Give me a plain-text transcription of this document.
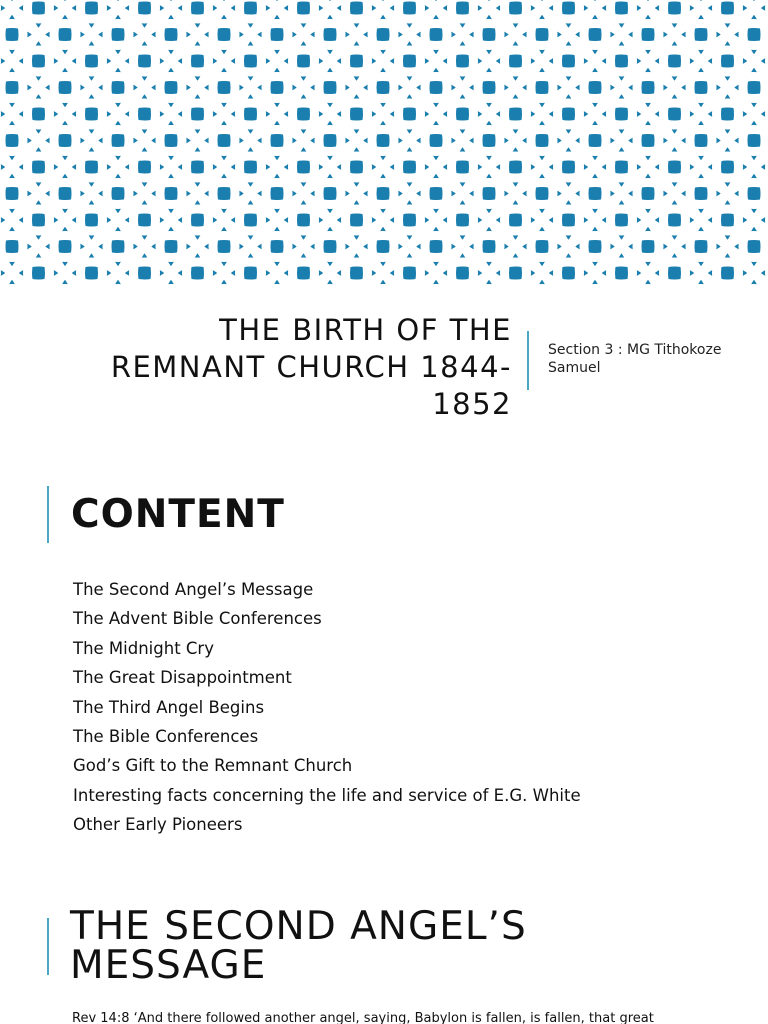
THE BIRTH OF THE
REMNANT CHURCH 1844-
1852
Section 3 : MG Tithokoze
Samuel
CONTENT
The Second Angel’s Message
The Advent Bible Conferences
The Midnight Cry
The Great Disappointment
The Third Angel Begins
The Bible Conferences
God’s Gift to the Remnant Church
Interesting facts concerning the life and service of E.G. White
Other Early Pioneers
THE SECOND ANGEL’S
MESSAGE
Rev 14:8 ‘And there followed another angel, saying, Babylon is fallen, is fallen, that great
